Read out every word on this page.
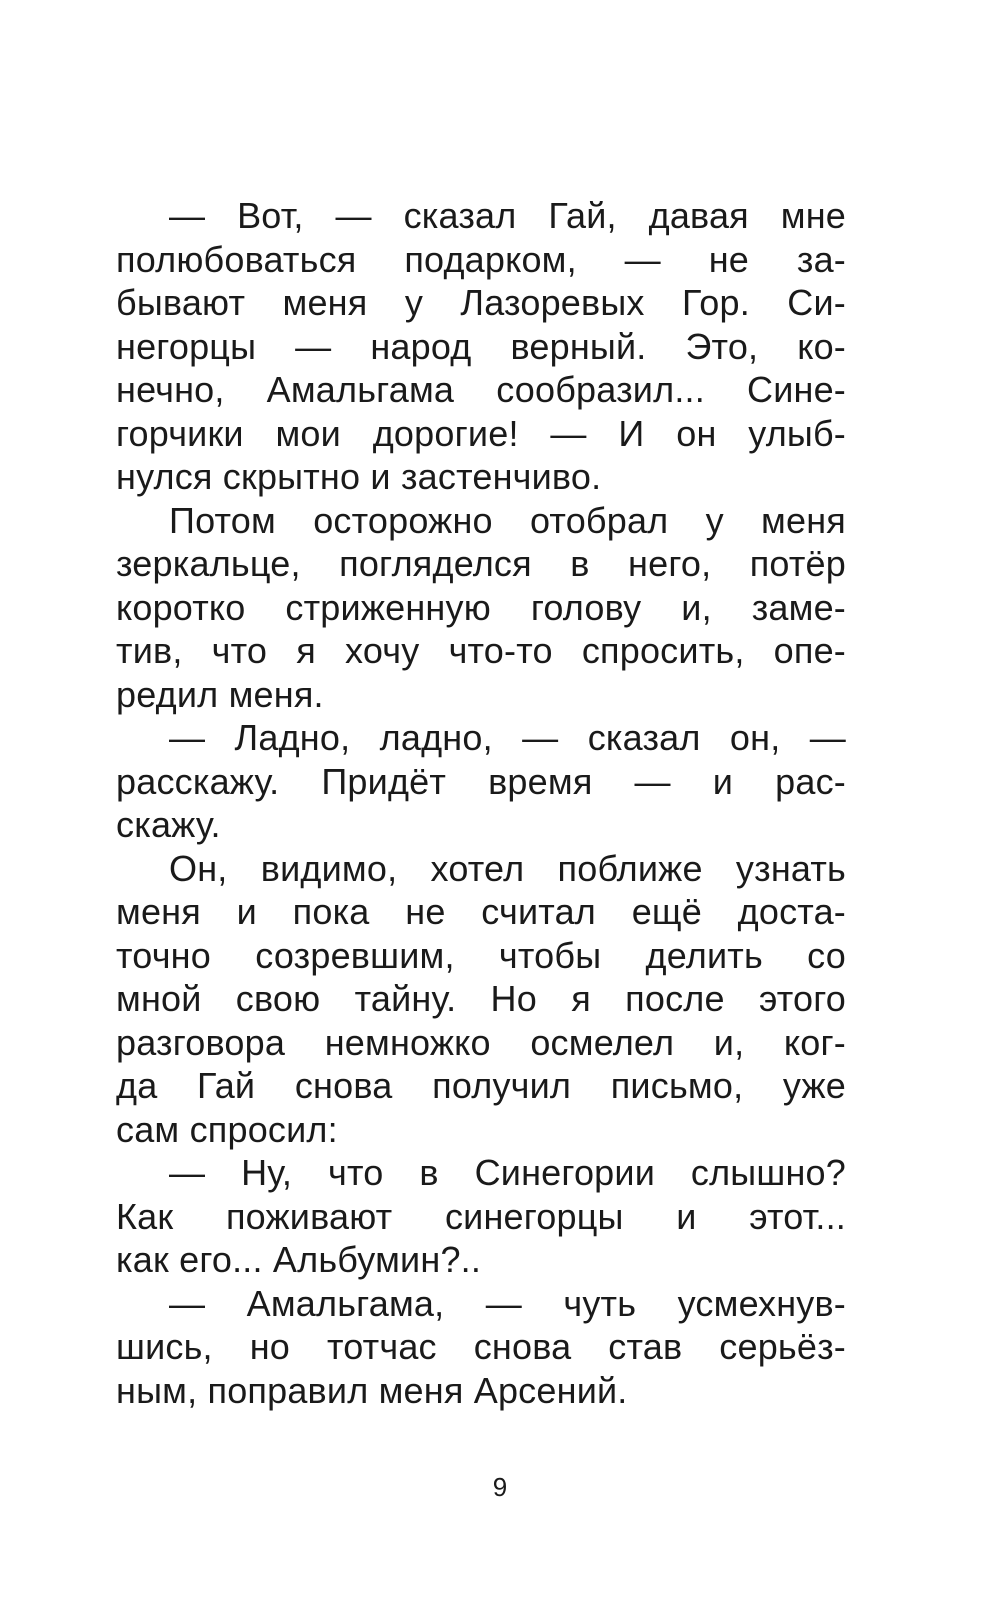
— Вот, — сказал Гай, давая мне
полюбоваться подарком, — не за-
бывают меня у Лазоревых Гор. Си-
негорцы — народ верный. Это, ко-
нечно, Амальгама сообразил... Сине-
горчики мои дорогие! — И он улыб-
нулся скрытно и застенчиво.
Потом осторожно отобрал у меня
зеркальце, погляделся в него, потёр
коротко стриженную голову и, заме-
тив, что я хочу что-то спросить, опе-
редил меня.
— Ладно, ладно, — сказал он, —
расскажу. Придёт время — и рас-
скажу.
Он, видимо, хотел поближе узнать
меня и пока не считал ещё доста-
точно созревшим, чтобы делить со
мной свою тайну. Но я после этого
разговора немножко осмелел и, ког-
да Гай снова получил письмо, уже
сам спросил:
— Ну, что в Синегории слышно?
Как поживают синегорцы и этот...
как его... Альбумин?..
— Амальгама, — чуть усмехнув-
шись, но тотчас снова став серьёз-
ным, поправил меня Арсений.
9
